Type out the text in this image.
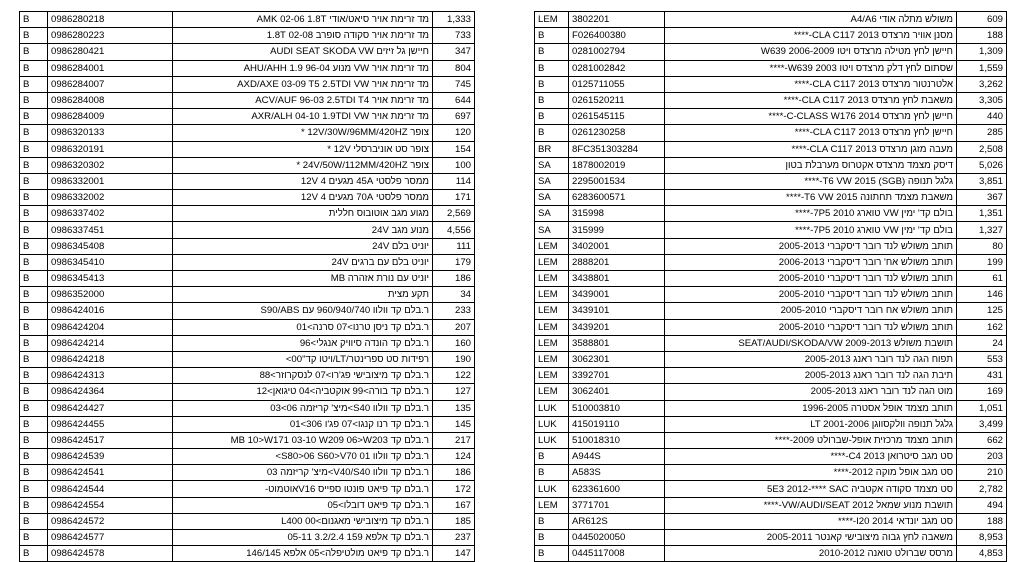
B	0986280218	מד זרימת אויר סיאט/אודי AMK 02-06 1.8T	1,333
B	0986280223	מד זרימת אויר סקודה סופרב 02-08 1.8T	733
B	0986280421	חיישן גל זיזים AUDI SEAT SKODA VW	347
B	0986284001	מד זרימת אויר VW מנוע AHU/AHH 1.9 96-04	804
B	0986284007	מד זרימת אויר AXD/AXE 03-09 T5 2.5TDI VW	745
B	0986284008	מד זרימת אויר ACV/AUF 96-03 2.5TDI T4	644
B	0986284009	מד זרימת אויר AXR/ALH 04-10 1.9TDI VW	697
B	0986320133	צופר 12V/30W/96MM/420HZ *	120
B	0986320191	צופר סט אוניברסלי 12V *	154
B	0986320302	צופר 24V/50W/112MM/420HZ *	100
B	0986332001	ממסר פלסטי 45A מגעים 4 12V	114
B	0986332002	ממסר פלסטי 70A מגעים 4 12V	171
B	0986337402	מגוע מגב אוטובוס חללית	2,569
B	0986337451	מנוע מגב 24V	4,556
B	0986345408	יוניט בלם 24V	111
B	0986345410	יוניט בלם עם ברגים 24V	179
B	0986345413	יוניט עם נורת אזהרה MB	186
B	0986352000	תקע מצית	34
B	0986424016	ר.בלם קד וולוו 960/940/740 עם S90/ABS	233
B	0986424204	ר.בלם קד ניסן טרנו>07 סרנה>01	207
B	0986424214	ר.בלם קד הונדה סיוויק אנגלי>96	160
B	0986424218	רפידות סט ספרינטר/LT/ויטו קד"00>	190
B	0986424313	ר.בלם קד מיצובישי פג'רו>07 לנסקרוזר>88	122
B	0986424364	ר.בלם קד בורה>99 אוקטביה>04 טיגואן>12	127
B	0986424427	ר.בלם קד וולוו S40>מיצ' קריזמה 06>03	135
B	0986424455	ר.בלם קד רנו קנגו>07 פג'ו 306>01	145
B	0986424517	ר.בלם קד MB 10>W171 03-10 W209 06>W203	217
B	0986424539	ר.בלם קד וולוו S80>06 S60>V70 01>	124
B	0986424541	ר.בלם קד וולוו V40/S40>מיצ' קריזמה 03	186
B	0986424544	ר.בלם קד פיאט פונטו ספייס V16אוטמוט-	172
B	0986424554	ר.בלם קד פיאט דובלו>05	167
B	0986424572	ר.בלם קד מיצובישי מאגנום>L400 00	185
B	0986424577	ר.בלם קד אלפא 159 3.2/2.4 05-11	237
B	0986424578	ר.בלם קד פיאט מולטיפלה>05 אלפא 146/145	147
LEM	3802201	משולש מתלה אודי A4/A6	609
B	F026400380	מסנן אוויר מרצדס CLA C117 2013-****	188
B	0281002794	חיישן לחץ מטילה מרצדס ויטו W639 2006-2009	1,309
B	0281002842	שסתום לחץ דלק מרצדס ויטו W639 2003-****	1,559
B	0125711055	אלטרנטור מרצדס CLA C117 2013-****	3,262
B	0261520211	משאבת לחץ מרצדס CLA C117 2013-****	3,305
B	0261545115	חיישן לחץ מרצדס C-CLASS W176 2014-****	440
B	0261230258	חיישן לחץ מרצדס CLA C117 2013-****	285
BR	8FC351303284	מעבה מזגן מרצדס CLA C117 2013-****	2,508
SA	1878002019	דיסק מצמד מרצדס אקטרוס מערבלת בטון	5,026
SA	2295001534	גלגל תנופה (SGB) T6 VW 2015-****	3,851
SA	6283600571	משאבת מצמד תחתונה T6 VW 2015-****	367
SA	315998	בולם קד' ימין VW טוארג 7P5 2010-****	1,351
SA	315999	בולם קד' ימין VW טוארג 7P5 2010-****	1,327
LEM	3402001	תותב משולש לנד רובר דיסקברי 2005-2013	80
LEM	2888201	תותב משולש אח' רובר דיסקברי 2006-2013	199
LEM	3438801	תותב משולש לנד רובר דיסקברי 2005-2010	61
LEM	3439001	תותב משולש לנד רובר דיסקברי 2005-2010	146
LEM	3439101	תותב משולש אח רובר דיסקברי 2005-2010	125
LEM	3439201	תותב משולש לנד רובר דיסקברי 2005-2010	162
LEM	3588801	תושבת משולש SEAT/AUDI/SKODA/VW 2009-2013	24
LEM	3062301	תפוח הגה לנד רובר ראנג 2005-2013	553
LEM	3392701	תיבת הגה לנד רובר ראנג 2005-2013	431
LEM	3062401	מוט הגה לנד רובר ראנג 2005-2013	169
LUK	510003810	תותב מצמד אופל אסטרה 1996-2005	1,051
LUK	415019110	גלגל תנופה וולקסווגן LT 2001-2006	3,499
LUK	510018310	תותב מצמד מרכזית אופל-שברולט 2009-****	662
B	A944S	סט מגב סיטרואן C4 2013-****	203
B	A583S	סט מגב אופל מוקה 2012-****	210
LUK	623361600	סט מצמד סקודה אקטביה 5E3 2012-**** SAC	2,782
LEM	3771701	תושבת מנוע שמאל VW/AUDI/SEAT 2012-****	494
B	AR612S	סט מגב יונדאי I20 2014-****	188
B	0445020050	משאבה לחץ גבוה מיצובישי קאנטר 2005-2011	8,953
B	0445117008	מרסס שברולט טואנה 2010-2012	4,853
